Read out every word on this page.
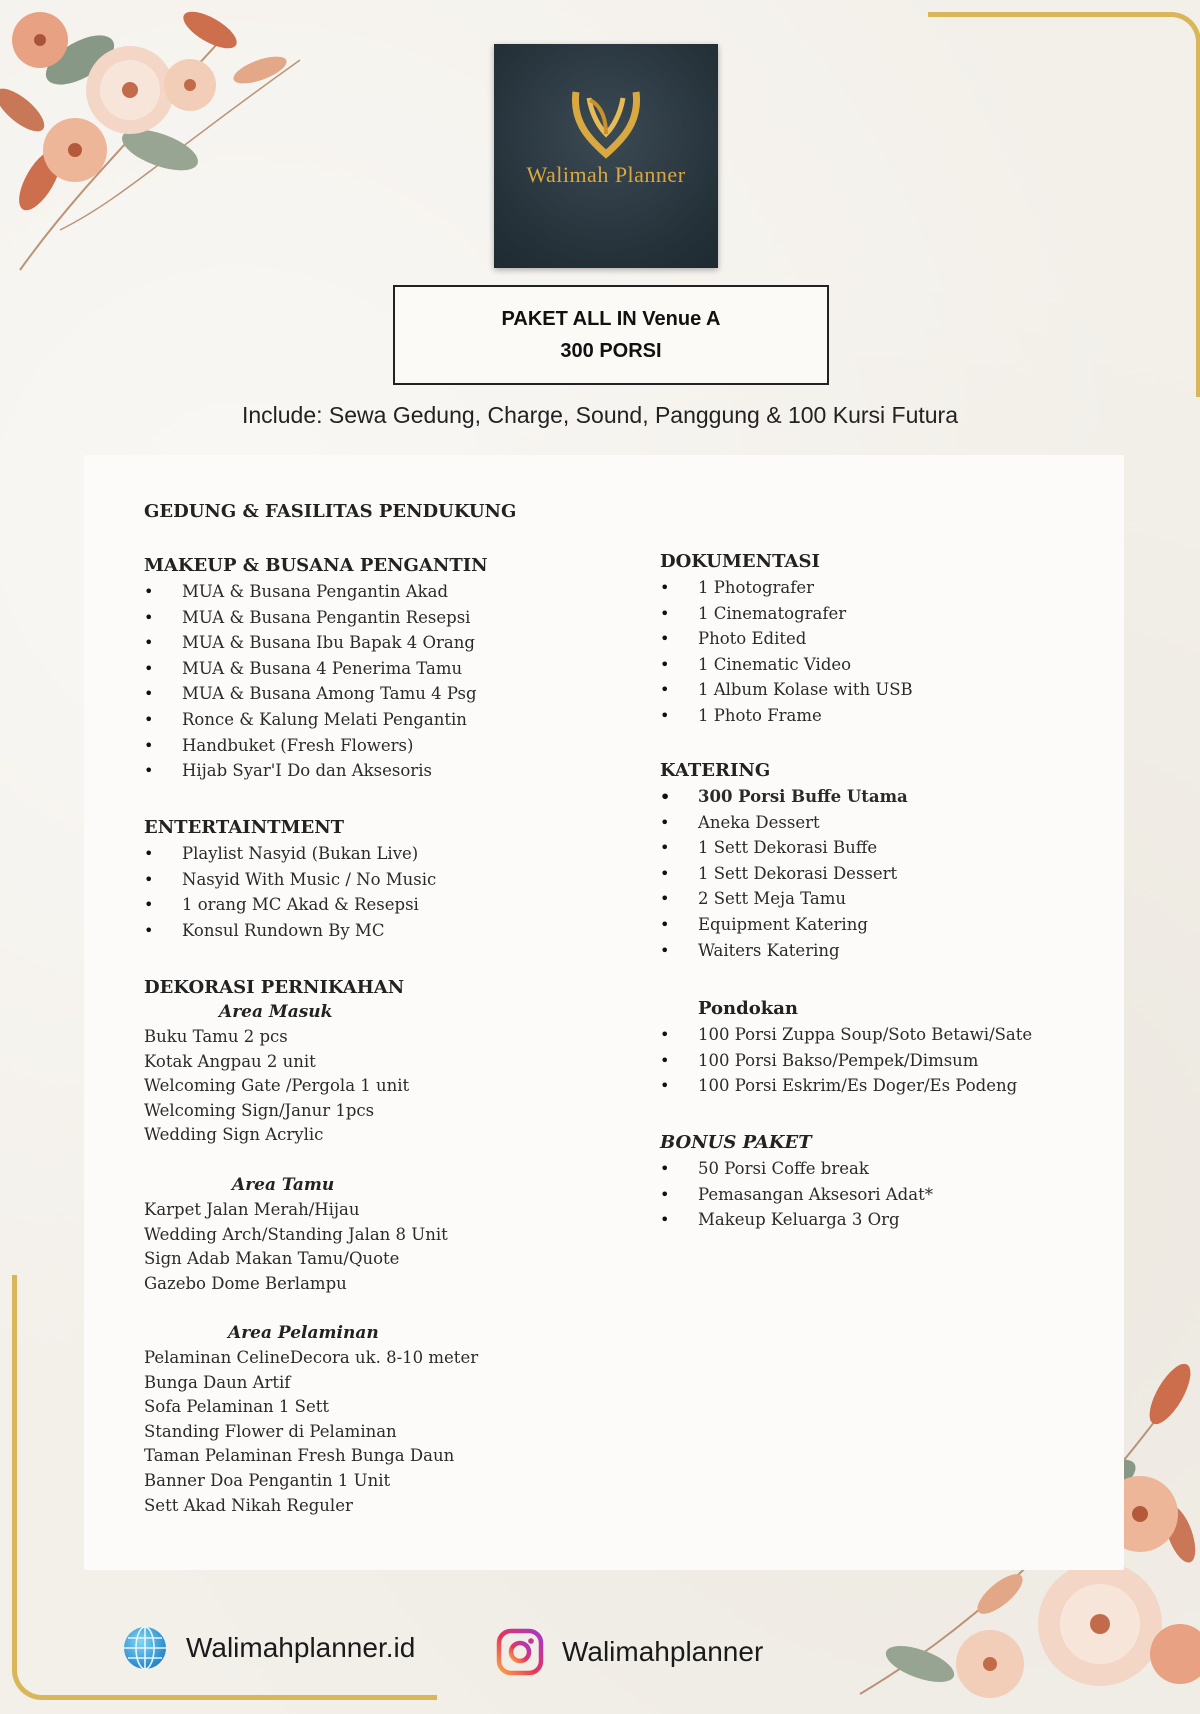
Walimah Planner
PAKET ALL IN Venue A
300 PORSI
Include: Sewa Gedung, Charge, Sound, Panggung & 100 Kursi Futura
GEDUNG & FASILITAS PENDUKUNG
MAKEUP & BUSANA PENGANTIN
• MUA & Busana Pengantin Akad
• MUA & Busana Pengantin Resepsi
• MUA & Busana Ibu Bapak 4 Orang
• MUA & Busana 4 Penerima Tamu
• MUA & Busana Among Tamu 4 Psg
• Ronce & Kalung Melati Pengantin
• Handbuket (Fresh Flowers)
• Hijab Syar'I Do dan Aksesoris
ENTERTAINTMENT
• Playlist Nasyid (Bukan Live)
• Nasyid With Music / No Music
• 1 orang MC Akad & Resepsi
• Konsul Rundown By MC
DEKORASI PERNIKAHAN
Area Masuk
Buku Tamu 2 pcs
Kotak Angpau 2 unit
Welcoming Gate /Pergola 1 unit
Welcoming Sign/Janur 1pcs
Wedding Sign Acrylic
Area Tamu
Karpet Jalan Merah/Hijau
Wedding Arch/Standing Jalan 8 Unit
Sign Adab Makan Tamu/Quote
Gazebo Dome Berlampu
Area Pelaminan
Pelaminan CelineDecora uk. 8-10 meter
Bunga Daun Artif
Sofa Pelaminan 1 Sett
Standing Flower di Pelaminan
Taman Pelaminan Fresh Bunga Daun
Banner Doa Pengantin 1 Unit
Sett Akad Nikah Reguler
DOKUMENTASI
• 1 Photografer
• 1 Cinematografer
• Photo Edited
• 1 Cinematic Video
• 1 Album Kolase with USB
• 1 Photo Frame
KATERING
• 300 Porsi Buffe Utama
• Aneka Dessert
• 1 Sett Dekorasi Buffe
• 1 Sett Dekorasi Dessert
• 2 Sett Meja Tamu
• Equipment Katering
• Waiters Katering
Pondokan
• 100 Porsi Zuppa Soup/Soto Betawi/Sate
• 100 Porsi Bakso/Pempek/Dimsum
• 100 Porsi Eskrim/Es Doger/Es Podeng
BONUS PAKET
• 50 Porsi Coffe break
• Pemasangan Aksesori Adat*
• Makeup Keluarga 3 Org
Walimahplanner.id	Walimahplanner
